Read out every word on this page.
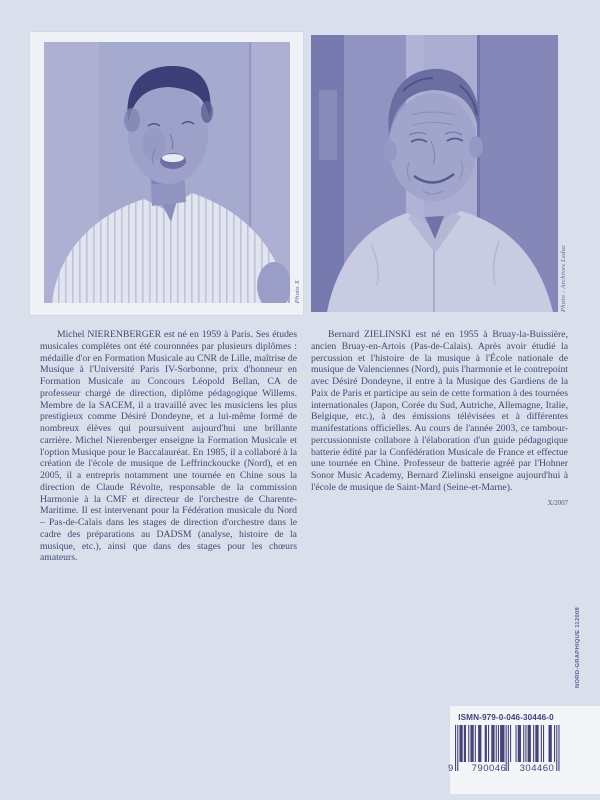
Photo X	Photo : Archives Leduc

Michel NIERENBERGER est né en 1959 à Paris. Ses études musicales complètes ont été couronnées par plusieurs diplômes : médaille d'or en Formation Musicale au CNR de Lille, maîtrise de Musique à l'Université Paris IV-Sorbonne, prix d'honneur en Formation Musicale au Concours Léopold Bellan, CA de professeur chargé de direction, diplôme pédagogique Willems. Membre de la SACEM, il a travaillé avec les musiciens les plus prestigieux comme Désiré Dondeyne, et a lui-même formé de nombreux élèves qui poursuivent aujourd'hui une brillante carrière. Michel Nierenberger enseigne la Formation Musicale et l'option Musique pour le Baccalauréat. En 1985, il a collaboré à la création de l'école de musique de Leffrinckoucke (Nord), et en 2005, il a entrepris notamment une tournée en Chine sous la direction de Claude Révolte, responsable de la commission Harmonie à la CMF et directeur de l'orchestre de Charente-Maritime. Il est intervenant pour la Fédération musicale du Nord – Pas-de-Calais dans les stages de direction d'orchestre dans le cadre des préparations au DADSM (analyse, histoire de la musique, etc.), ainsi que dans des stages pour les chœurs amateurs.

Bernard ZIELINSKI est né en 1955 à Bruay-la-Buissière, ancien Bruay-en-Artois (Pas-de-Calais). Après avoir étudié la percussion et l'histoire de la musique à l'École nationale de musique de Valenciennes (Nord), puis l'harmonie et le contrepoint avec Désiré Dondeyne, il entre à la Musique des Gardiens de la Paix de Paris et participe au sein de cette formation à des tournées internationales (Japon, Corée du Sud, Autriche, Allemagne, Italie, Belgique, etc.), à des émissions télévisées et à différentes manifestations officielles. Au cours de l'année 2003, ce tambour-percussionniste collabore à l'élaboration d'un guide pédagogique batterie édité par la Confédération Musicale de France et effectue une tournée en Chine. Professeur de batterie agréé par l'Hohner Sonor Music Academy, Bernard Zielinski enseigne aujourd'hui à l'école de musique de Saint-Mard (Seine-et-Marne).

X/2007
NORD-GRAPHIQUE 112008
ISMN-979-0-046-30446-0
9	790046	304460
